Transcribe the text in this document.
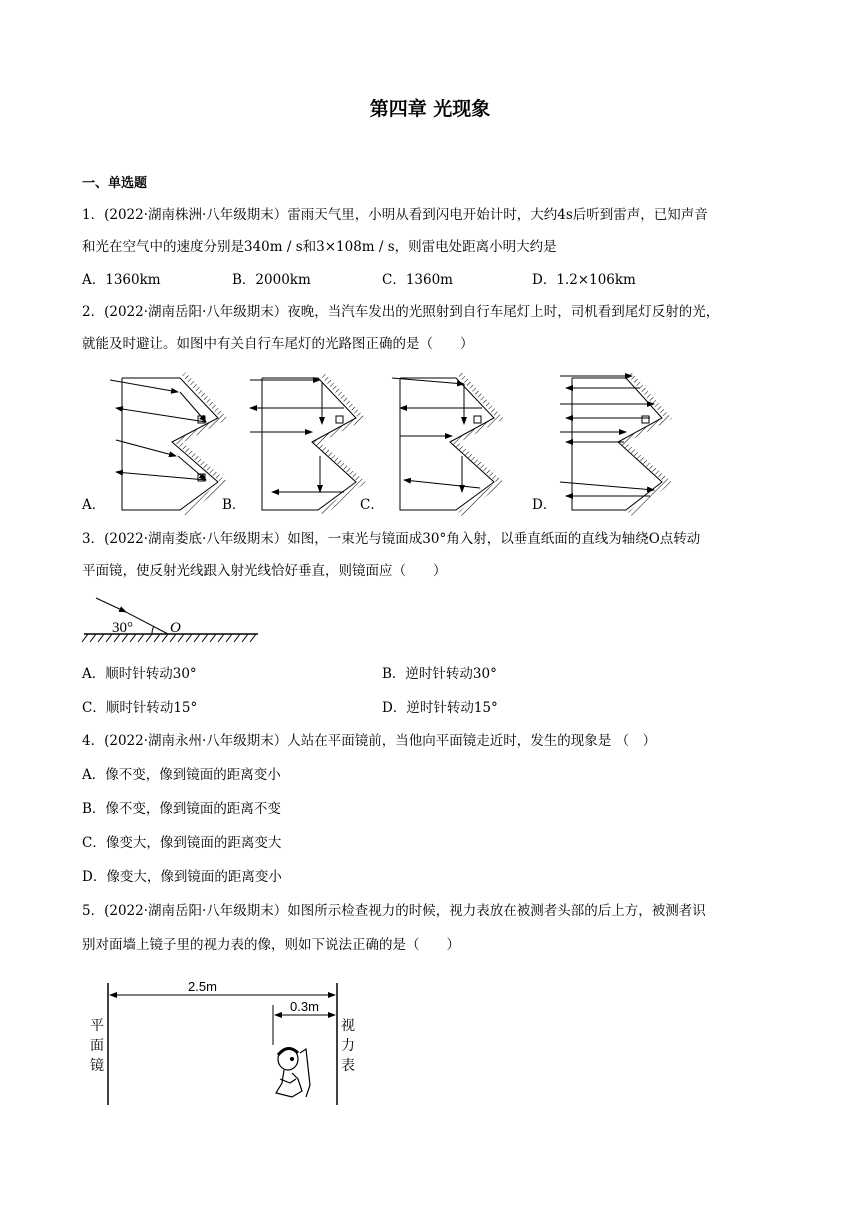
第四章 光现象
一、单选题
1．(2022·湖南株洲·八年级期末）雷雨天气里，小明从看到闪电开始计时，大约4s后听到雷声，已知声音
和光在空气中的速度分别是340m / s和3×108m / s，则雷电处距离小明大约是
A．1360km	B．2000km	C．1360m	D．1.2×106km
2．(2022·湖南岳阳·八年级期末）夜晚，当汽车发出的光照射到自行车尾灯上时，司机看到尾灯反射的光，
就能及时避让。如图中有关自行车尾灯的光路图正确的是（　　）
A．	B．	C．	D．
3．(2022·湖南娄底·八年级期末）如图，一束光与镜面成30°角入射，以垂直纸面的直线为轴绕O点转动
平面镜，使反射光线跟入射光线恰好垂直，则镜面应（　　）
30° O
A．顺时针转动30°	B．逆时针转动30°
C．顺时针转动15°	D．逆时针转动15°
4．(2022·湖南永州·八年级期末）人站在平面镜前，当他向平面镜走近时，发生的现象是 （　）
A．像不变，像到镜面的距离变小
B．像不变，像到镜面的距离不变
C．像变大，像到镜面的距离变大
D．像变大，像到镜面的距离变小
5．(2022·湖南岳阳·八年级期末）如图所示检查视力的时候，视力表放在被测者头部的后上方，被测者识
别对面墙上镜子里的视力表的像，则如下说法正确的是（　　）
2.5m
0.3m
平
面
镜
视
力
表
